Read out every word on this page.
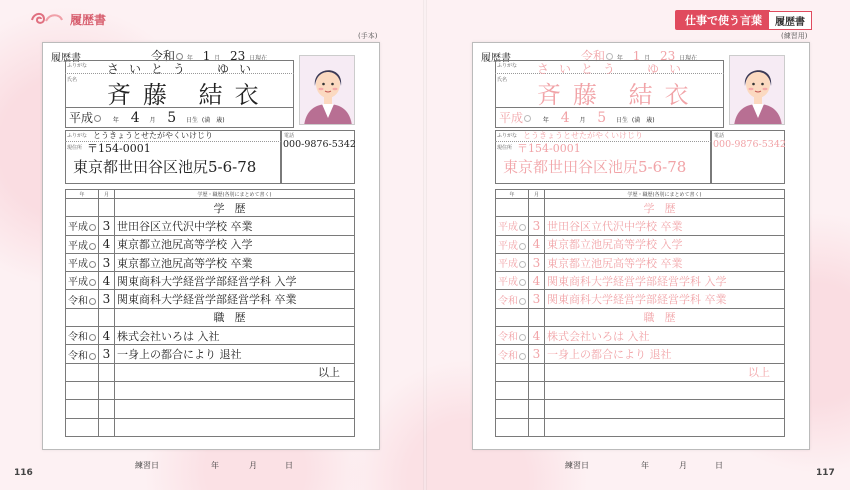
履歴書	仕事で使う言葉	履歴書
(手本)	(練習用)
履歴書	令和○ 年 1 月 23 日現在
ふりがな さいとう　ゆい
氏名
斉藤 結衣
平成○ 年 4 月 5 日生 (満　歳)
ふりがな とうきょうとせたがやくいけじり
現住所 〒154-0001
東京都世田谷区池尻5-6-78
電話
000-9876-5342
年	月	学歴・職歴(各別にまとめて書く)
		学歴
平成	3	世田谷区立代沢中学校 卒業
平成	4	東京都立池尻高等学校 入学
平成	3	東京都立池尻高等学校 卒業
平成	4	関東商科大学経営学部経営学科 入学
令和	3	関東商科大学経営学部経営学科 卒業
		職歴
令和	4	株式会社いろは 入社
令和	3	一身上の都合により 退社
		以上

履歴書	令和○ 年 1 月 23 日現在
ふりがな さいとう　ゆい
氏名
斉藤 結衣
平成○ 年 4 月 5 日生 (満　歳)
ふりがな とうきょうとせたがやくいけじり
現住所 〒154-0001
東京都世田谷区池尻5-6-78
電話
000-9876-5342
年	月	学歴・職歴(各別にまとめて書く)
		学歴
平成	3	世田谷区立代沢中学校 卒業
平成	4	東京都立池尻高等学校 入学
平成	3	東京都立池尻高等学校 卒業
平成	4	関東商科大学経営学部経営学科 入学
令和	3	関東商科大学経営学部経営学科 卒業
		職歴
令和	4	株式会社いろは 入社
令和	3	一身上の都合により 退社
		以上

116	117
練習日	年	月	日	練習日	年	月	日
